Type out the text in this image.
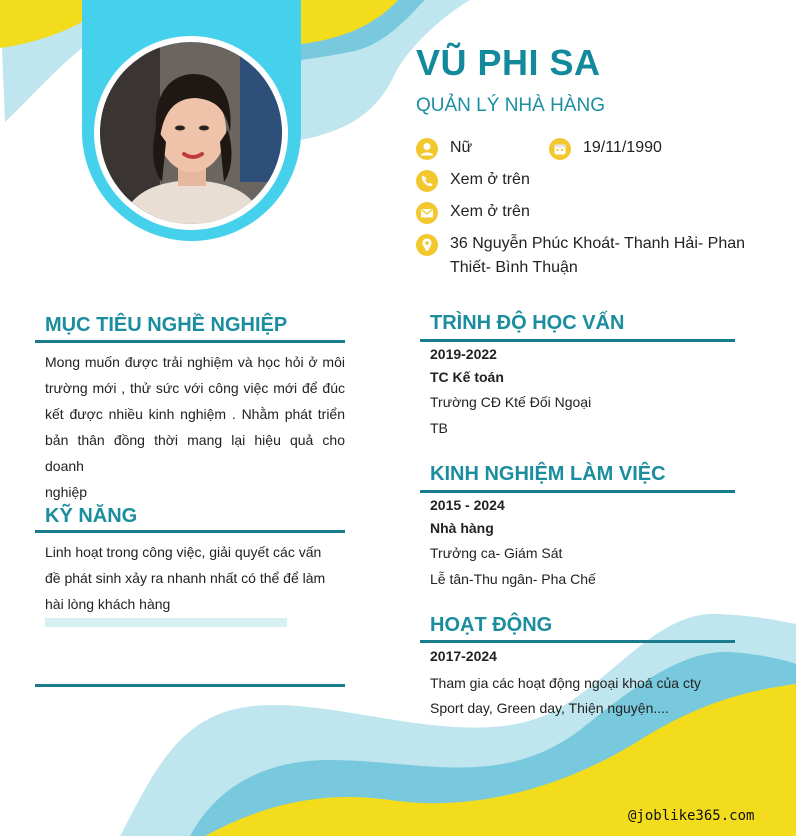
VŨ PHI SA
QUẢN LÝ NHÀ HÀNG
Nữ	19/11/1990
Xem ở trên
Xem ở trên
36 Nguyễn Phúc Khoát- Thanh Hải- Phan
Thiết- Bình Thuận
MỤC TIÊU NGHỀ NGHIỆP
Mong muốn được trải nghiệm và học hỏi ở môi
trường mới , thử sức với công việc mới để đúc
kết được nhiều kinh nghiệm . Nhằm phát triển
bản thân đồng thời mang lại hiệu quả cho doanh
nghiệp
KỸ NĂNG
Linh hoạt trong công việc, giải quyết các vấn
đề phát sinh xảy ra nhanh nhất có thể để làm
hài lòng khách hàng
TRÌNH ĐỘ HỌC VẤN
2019-2022
TC Kế toán
Trường CĐ Ktế Đối Ngoại
TB
KINH NGHIỆM LÀM VIỆC
2015 - 2024
Nhà hàng
Trưởng ca- Giám Sát
Lễ tân-Thu ngân- Pha Chế
HOẠT ĐỘNG
2017-2024
Tham gia các hoạt động ngoại khoá của cty
Sport day, Green day, Thiện nguyện....
@joblike365.com
